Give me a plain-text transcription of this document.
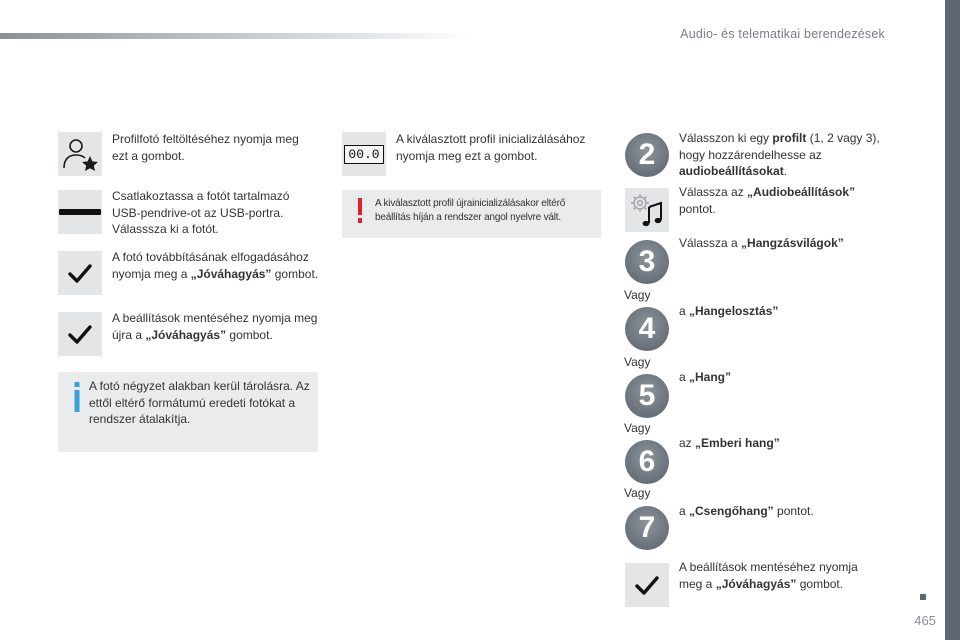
Audio- és telematikai berendezések
465
Profilfotó feltöltéséhez nyomja meg ezt a gombot.
Csatlakoztassa a fotót tartalmazó USB-pendrive-ot az USB-portra. Válasssza ki a fotót.
A fotó továbbításának elfogadásához nyomja meg a „Jóváhagyás” gombot.
A beállítások mentéséhez nyomja meg újra a „Jóváhagyás” gombot.
A fotó négyzet alakban kerül tárolásra. Az ettől eltérő formátumú eredeti fotókat a rendszer átalakítja.
00.0
A kiválasztott profil inicializálásához nyomja meg ezt a gombot.
A kiválasztott profil újrainicializálásakor eltérő beállítás híján a rendszer angol nyelvre vált.
2	Válasszon ki egy profilt (1, 2 vagy 3), hogy hozzárendelhesse az audiobeállításokat.
Válassza az „Audiobeállítások” pontot.
3
Válassza a „Hangzásvilágok”
Vagy
4
a „Hangelosztás”
Vagy
5
a „Hang”
Vagy
6
az „Emberi hang”
Vagy
7	a „Csengőhang” pontot.
A beállítások mentéséhez nyomja meg a „Jóváhagyás” gombot.
